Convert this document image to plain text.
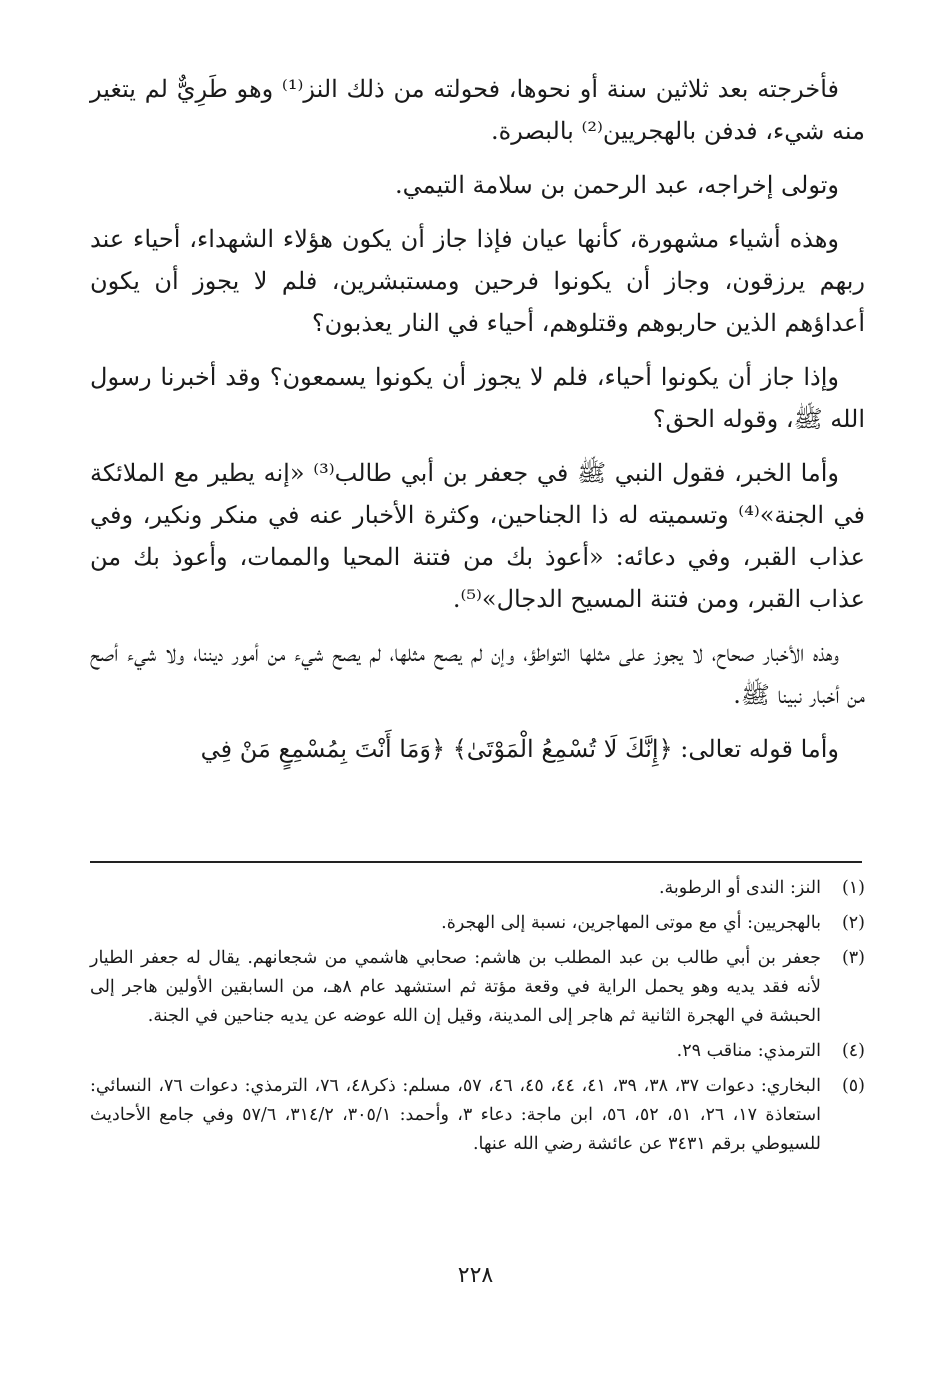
فأخرجته بعد ثلاثين سنة أو نحوها، فحولته من ذلك النز⁽¹⁾ وهو طَرِيٌّ لم يتغير منه شيء، فدفن بالهجريين⁽²⁾ بالبصرة.

وتولى إخراجه، عبد الرحمن بن سلامة التيمي.

وهذه أشياء مشهورة، كأنها عيان فإذا جاز أن يكون هؤلاء الشهداء، أحياء عند ربهم يرزقون، وجاز أن يكونوا فرحين ومستبشرين، فلم لا يجوز أن يكون أعداؤهم الذين حاربوهم وقتلوهم، أحياء في النار يعذبون؟

وإذا جاز أن يكونوا أحياء، فلم لا يجوز أن يكونوا يسمعون؟ وقد أخبرنا رسول الله ﷺ، وقوله الحق؟

وأما الخبر، فقول النبي ﷺ في جعفر بن أبي طالب⁽³⁾ «إنه يطير مع الملائكة في الجنة»⁽⁴⁾ وتسميته له ذا الجناحين، وكثرة الأخبار عنه في منكر ونكير، وفي عذاب القبر، وفي دعائه: «أعوذ بك من فتنة المحيا والممات، وأعوذ بك من عذاب القبر، ومن فتنة المسيح الدجال»⁽⁵⁾.

وهذه الأخبار صحاح، لا يجوز على مثلها التواطؤ، وإن لم يصح مثلها، لم يصح شيء من أمور ديننا، ولا شيء أصح من أخبار نبينا ﷺ.

وأما قوله تعالى: ﴿إِنَّكَ لَا تُسْمِعُ الْمَوْتَىٰ﴾ ﴿وَمَا أَنْتَ بِمُسْمِعٍ مَنْ فِي

(١)
النز: الندى أو الرطوبة.
(٢)
بالهجريين: أي مع موتى المهاجرين، نسبة إلى الهجرة.
(٣)
جعفر بن أبي طالب بن عبد المطلب بن هاشم: صحابي هاشمي من شجعانهم. يقال له جعفر الطيار لأنه فقد يديه وهو يحمل الراية في وقعة مؤتة ثم استشهد عام ٨هـ، من السابقين الأولين هاجر إلى الحبشة في الهجرة الثانية ثم هاجر إلى المدينة، وقيل إن الله عوضه عن يديه جناحين في الجنة.
(٤)
الترمذي: مناقب ٢٩.
(٥)
البخاري: دعوات ٣٧، ٣٨، ٣٩، ٤١، ٤٤، ٤٥، ٤٦، ٥٧، مسلم: ذكر٤٨، ٧٦، الترمذي: دعوات ٧٦، النسائي: استعاذة ١٧، ٢٦، ٥١، ٥٢، ٥٦، ابن ماجة: دعاء ٣، وأحمد: ٣٠٥/١، ٣١٤/٢، ٥٧/٦ وفي جامع الأحاديث للسيوطي برقم ٣٤٣١ عن عائشة رضي الله عنها.
٢٢٨
